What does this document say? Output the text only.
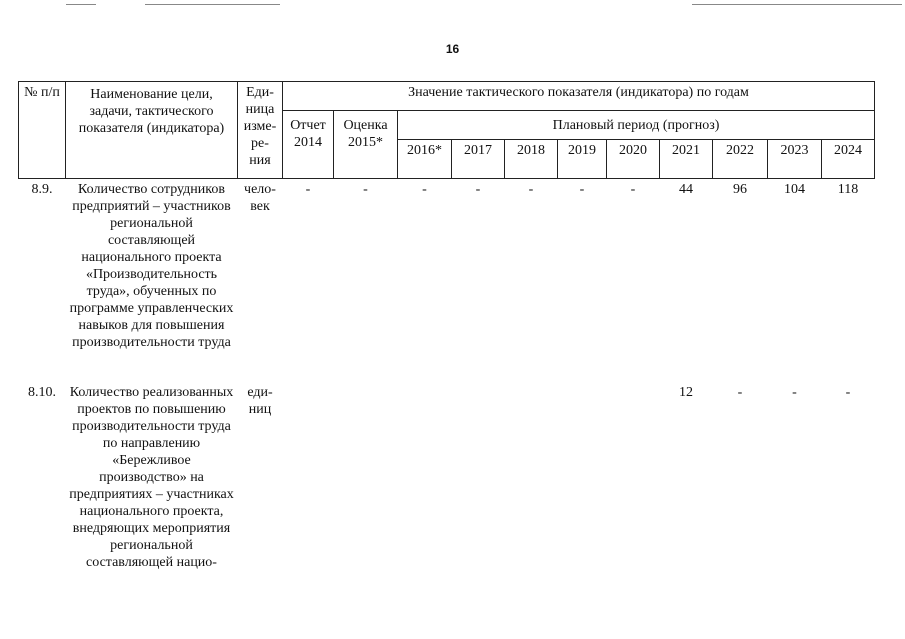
16
№ п/п	Наименование цели, задачи, тактического показателя (индикатора)	Еди-
ница
изме-
ре-
ния	Значение тактического показателя (индикатора) по годам										
			Отчет 2014	Оценка 2015*	Плановый период (прогноз)								
					2016*	2017	2018	2019	2020	2021	2022	2023	2024
8.9.	Количество сотрудников предприятий – участников региональной составляющей национального проекта «Производительность труда», обученных по программе управленческих навыков для повышения производительности труда	чело-
век	-	-	-	-	-	-	-	44	96	104	118
8.10.	Количество реализованных проектов по повышению производительности труда по направлению «Бережливое производство» на предприятиях – участниках национального проекта, внедряющих мероприятия региональной составляющей нацио-	еди-
ниц								12	-	-	-
